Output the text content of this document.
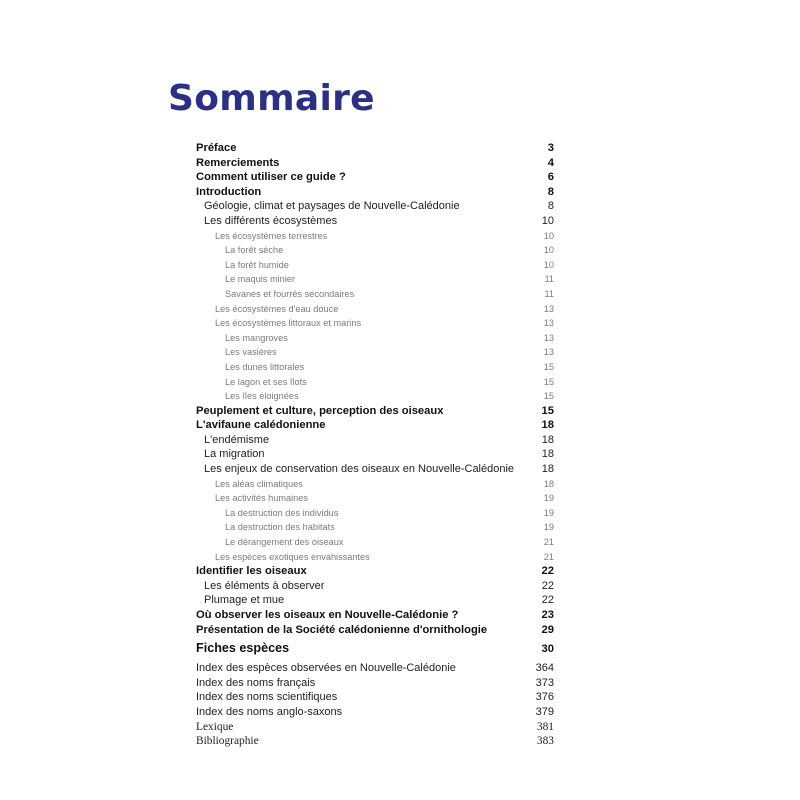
Sommaire
Préface	3
Remerciements	4
Comment utiliser ce guide ?	6
Introduction	8
Géologie, climat et paysages de Nouvelle-Calédonie	8
Les différents écosystèmes	10
Les écosystèmes terrestres	10
La forêt sèche	10
La forêt humide	10
Le maquis minier	11
Savanes et fourrés secondaires	11
Les écosystèmes d'eau douce	13
Les écosystèmes littoraux et marins	13
Les mangroves	13
Les vasières	13
Les dunes littorales	15
Le lagon et ses îlots	15
Les îles éloignées	15
Peuplement et culture, perception des oiseaux	15
L'avifaune calédonienne	18
L'endémisme	18
La migration	18
Les enjeux de conservation des oiseaux en Nouvelle-Calédonie	18
Les aléas climatiques	18
Les activités humaines	19
La destruction des individus	19
La destruction des habitats	19
Le dérangement des oiseaux	21
Les espèces exotiques envahissantes	21
Identifier les oiseaux	22
Les éléments à observer	22
Plumage et mue	22
Où observer les oiseaux en Nouvelle-Calédonie ?	23
Présentation de la Société calédonienne d'ornithologie	29
Fiches espèces	30
Index des espèces observées en Nouvelle-Calédonie	364
Index des noms français	373
Index des noms scientifiques	376
Index des noms anglo-saxons	379
Lexique	381
Bibliographie	383
